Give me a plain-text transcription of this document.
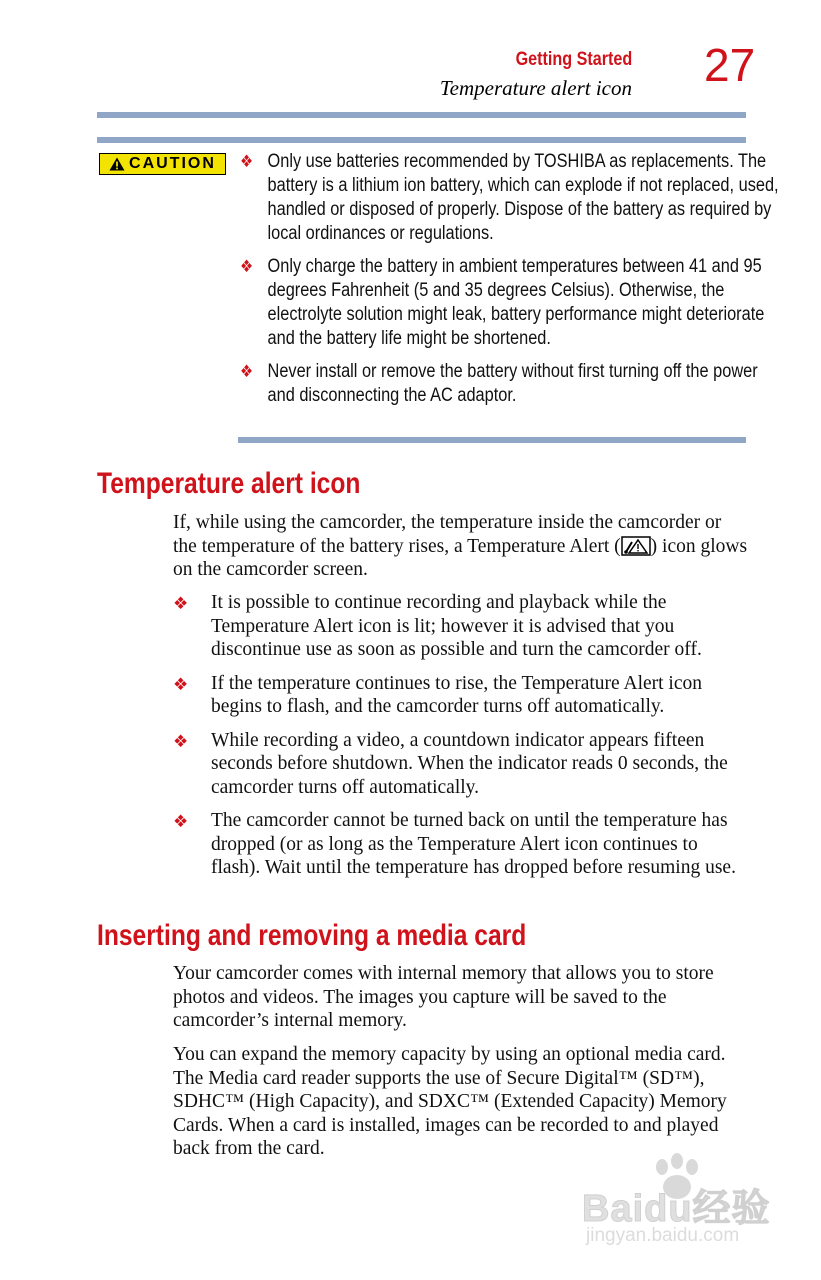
Getting Started
Temperature alert icon 27
CAUTION ❖ Only use batteries recommended by TOSHIBA as replacements. The battery is a lithium ion battery, which can explode if not replaced, used, handled or disposed of properly. Dispose of the battery as required by local ordinances or regulations.
❖ Only charge the battery in ambient temperatures between 41 and 95 degrees Fahrenheit (5 and 35 degrees Celsius). Otherwise, the electrolyte solution might leak, battery performance might deteriorate and the battery life might be shortened.
❖ Never install or remove the battery without first turning off the power and disconnecting the AC adaptor.
Temperature alert icon

If, while using the camcorder, the temperature inside the camcorder or the temperature of the battery rises, a Temperature Alert ( ) icon glows on the camcorder screen.

❖ It is possible to continue recording and playback while the Temperature Alert icon is lit; however it is advised that you discontinue use as soon as possible and turn the camcorder off.
❖ If the temperature continues to rise, the Temperature Alert icon begins to flash, and the camcorder turns off automatically.
❖ While recording a video, a countdown indicator appears fifteen seconds before shutdown. When the indicator reads 0 seconds, the camcorder turns off automatically.
❖ The camcorder cannot be turned back on until the temperature has dropped (or as long as the Temperature Alert icon continues to flash). Wait until the temperature has dropped before resuming use.
Inserting and removing a media card

Your camcorder comes with internal memory that allows you to store photos and videos. The images you capture will be saved to the camcorder’s internal memory.

You can expand the memory capacity by using an optional media card. The Media card reader supports the use of Secure Digital™ (SD™), SDHC™ (High Capacity), and SDXC™ (Extended Capacity) Memory Cards. When a card is installed, images can be recorded to and played back from the card.

Baidu经验
jingyan.baidu.com
